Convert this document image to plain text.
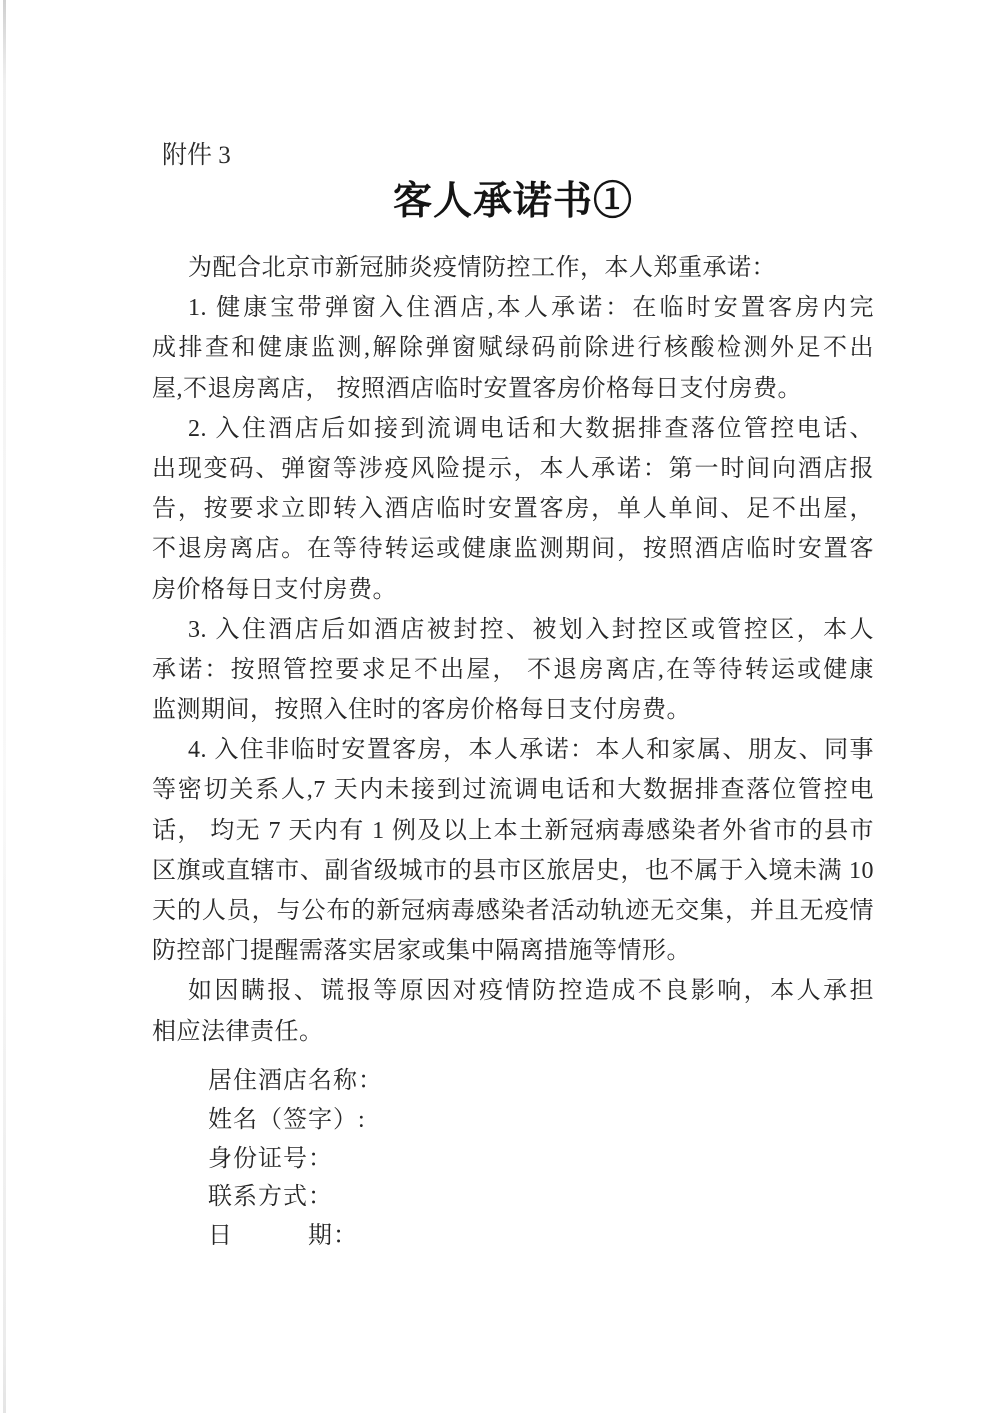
附件 3
客人承诺书①
为配合北京市新冠肺炎疫情防控工作，本人郑重承诺：
1. 健康宝带弹窗入住酒店,本人承诺：在临时安置客房内完
成排查和健康监测,解除弹窗赋绿码前除进行核酸检测外足不出
屋,不退房离店， 按照酒店临时安置客房价格每日支付房费。
2. 入住酒店后如接到流调电话和大数据排查落位管控电话、
出现变码、弹窗等涉疫风险提示，本人承诺：第一时间向酒店报
告，按要求立即转入酒店临时安置客房，单人单间、足不出屋，
不退房离店。在等待转运或健康监测期间，按照酒店临时安置客
房价格每日支付房费。
3. 入住酒店后如酒店被封控、被划入封控区或管控区，本人
承诺：按照管控要求足不出屋， 不退房离店,在等待转运或健康
监测期间，按照入住时的客房价格每日支付房费。
4. 入住非临时安置客房，本人承诺：本人和家属、朋友、同事
等密切关系人,7 天内未接到过流调电话和大数据排查落位管控电
话， 均无 7 天内有 1 例及以上本土新冠病毒感染者外省市的县市
区旗或直辖市、副省级城市的县市区旅居史，也不属于入境未满 10
天的人员，与公布的新冠病毒感染者活动轨迹无交集，并且无疫情
防控部门提醒需落实居家或集中隔离措施等情形。
如因瞒报、谎报等原因对疫情防控造成不良影响，本人承担
相应法律责任。
居住酒店名称：
姓名（签字）:
身份证号：
联系方式：
日　　　期：
